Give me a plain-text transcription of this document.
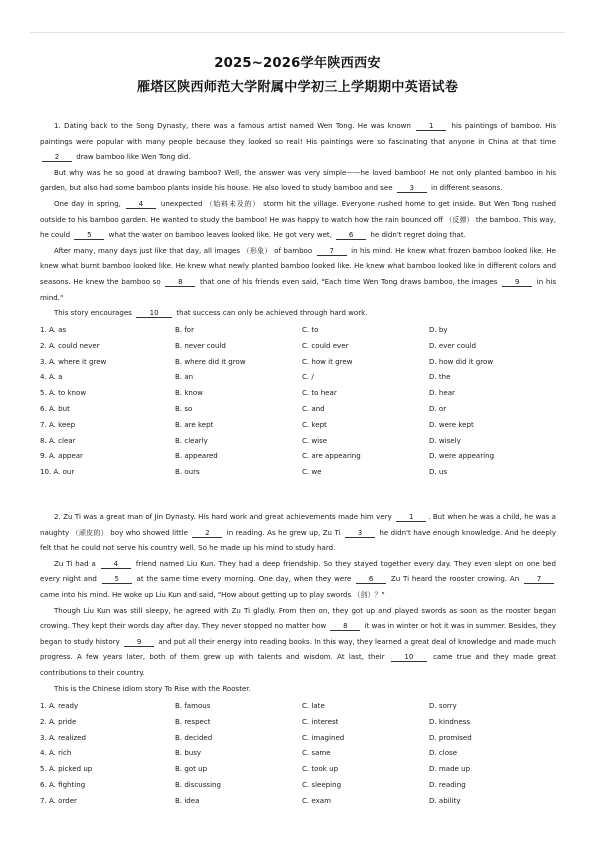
2025~2026学年陕西西安
雁塔区陕西师范大学附属中学初三上学期期中英语试卷

1. Dating back to the Song Dynasty, there was a famous artist named Wen Tong. He was known 1 his paintings of bamboo. His paintings were popular with many people because they looked so real! His paintings were so fascinating that anyone in China at that time 2 draw bamboo like Wen Tong did.

But why was he so good at drawing bamboo? Well, the answer was very simple——he loved bamboo! He not only planted bamboo in his garden, but also had some bamboo plants inside his house. He also loved to study bamboo and see 3 in different seasons.

One day in spring, 4 unexpected （始料未及的） storm hit the village. Everyone rushed home to get inside. But Wen Tong rushed outside to his bamboo garden. He wanted to study the bamboo! He was happy to watch how the rain bounced off （反弹） the bamboo. This way, he could 5 what the water on bamboo leaves looked like. He got very wet, 6 he didn't regret doing that.

After many, many days just like that day, all images （形象） of bamboo 7 in his mind. He knew what frozen bamboo looked like. He knew what burnt bamboo looked like. He knew what newly planted bamboo looked like. He knew what bamboo looked like in different colors and seasons. He knew the bamboo so 8 that one of his friends even said, "Each time Wen Tong draws bamboo, the images 9 in his mind."

This story encourages 10 that success can only be achieved through hard work.

1. A. as	B. for	C. to	D. by
2. A. could never	B. never could	C. could ever	D. ever could
3. A. where it grew	B. where did it grow	C. how it grew	D. how did it grow
4. A. a	B. an	C. /	D. the
5. A. to know	B. know	C. to hear	D. hear
6. A. but	B. so	C. and	D. or
7. A. keep	B. are kept	C. kept	D. were kept
8. A. clear	B. clearly	C. wise	D. wisely
9. A. appear	B. appeared	C. are appearing	D. were appearing
10. A. our	B. ours	C. we	D. us

2. Zu Ti was a great man of Jin Dynasty. His hard work and great achievements made him very 1 . But when he was a child, he was a naughty （顽皮的） boy who showed little 2 in reading. As he grew up, Zu Ti 3 he didn't have enough knowledge. And he deeply felt that he could not serve his country well. So he made up his mind to study hard.

Zu Ti had a 4 friend named Liu Kun. They had a deep friendship. So they stayed together every day. They even slept on one bed every night and 5 at the same time every morning. One day, when they were 6 Zu Ti heard the rooster crowing. An 7 came into his mind. He woke up Liu Kun and said, "How about getting up to play swords （剑）？"

Though Liu Kun was still sleepy, he agreed with Zu Ti gladly. From then on, they got up and played swords as soon as the rooster began crowing. They kept their words day after day. They never stopped no matter how 8 it was in winter or hot it was in summer. Besides, they began to study history 9 and put all their energy into reading books. In this way, they learned a great deal of knowledge and made much progress. A few years later, both of them grew up with talents and wisdom. At last, their 10 came true and they made great contributions to their country.

This is the Chinese idiom story To Rise with the Rooster.

1. A. ready	B. famous	C. late	D. sorry
2. A. pride	B. respect	C. interest	D. kindness
3. A. realized	B. decided	C. imagined	D. promised
4. A. rich	B. busy	C. same	D. close
5. A. picked up	B. got up	C. took up	D. made up
6. A. fighting	B. discussing	C. sleeping	D. reading
7. A. order	B. idea	C. exam	D. ability
